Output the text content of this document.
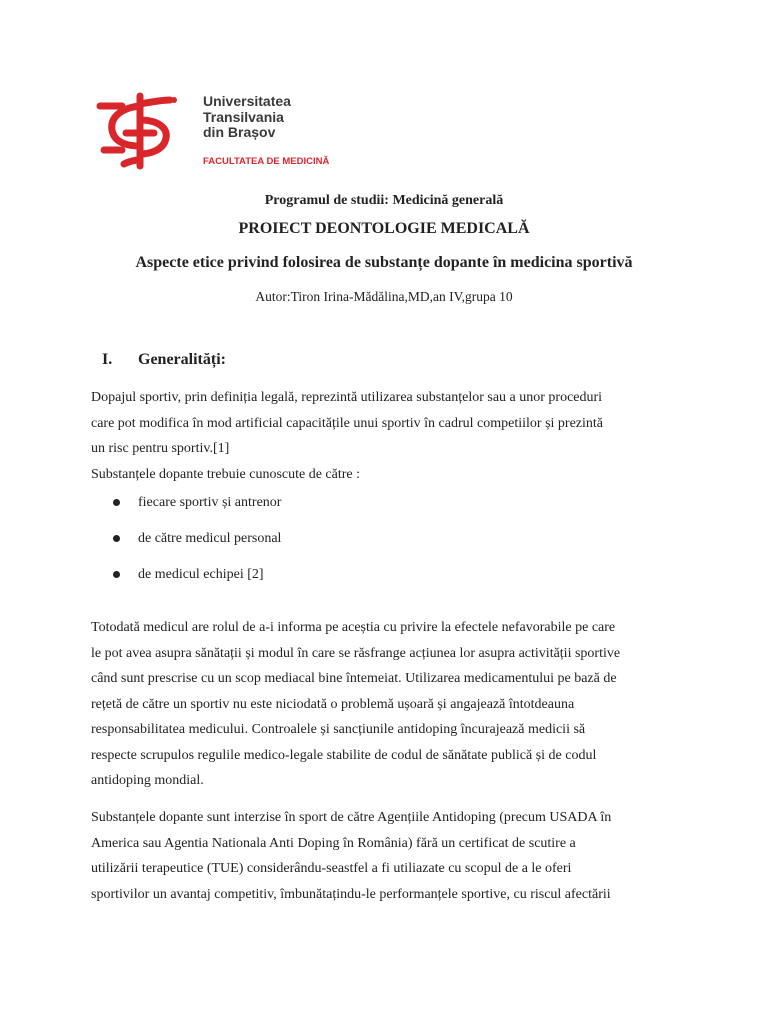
Universitatea
Transilvania
din Brașov
FACULTATEA DE MEDICINĂ
Programul de studii: Medicină generală
PROIECT DEONTOLOGIE MEDICALĂ
Aspecte etice privind folosirea de substanțe dopante în medicina sportivă
Autor:Tiron Irina-Mădălina,MD,an IV,grupa 10
I. Generalități:
Dopajul sportiv, prin definiția legală, reprezintă utilizarea substanțelor sau a unor proceduri
care pot modifica în mod artificial capacitățile unui sportiv în cadrul competiilor și prezintă
un risc pentru sportiv.[1]
Substanțele dopante trebuie cunoscute de către :
fiecare sportiv și antrenor
de către medicul personal
de medicul echipei [2]
Totodată medicul are rolul de a-i informa pe aceștia cu privire la efectele nefavorabile pe care
le pot avea asupra sănătații și modul în care se răsfrange acțiunea lor asupra activității sportive
când sunt prescrise cu un scop mediacal bine întemeiat. Utilizarea medicamentului pe bază de
rețetă de către un sportiv nu este niciodată o problemă ușoară și angajează întotdeauna
responsabilitatea medicului. Controalele și sancțiunile antidoping încurajează medicii să
respecte scrupulos regulile medico-legale stabilite de codul de sănătate publică și de codul
antidoping mondial.
Substanțele dopante sunt interzise în sport de către Agențiile Antidoping (precum USADA în
America sau Agentia Nationala Anti Doping în România) fără un certificat de scutire a
utilizării terapeutice (TUE) considerându-seastfel a fi utiliazate cu scopul de a le oferi
sportivilor un avantaj competitiv, îmbunătațindu-le performanțele sportive, cu riscul afectării
